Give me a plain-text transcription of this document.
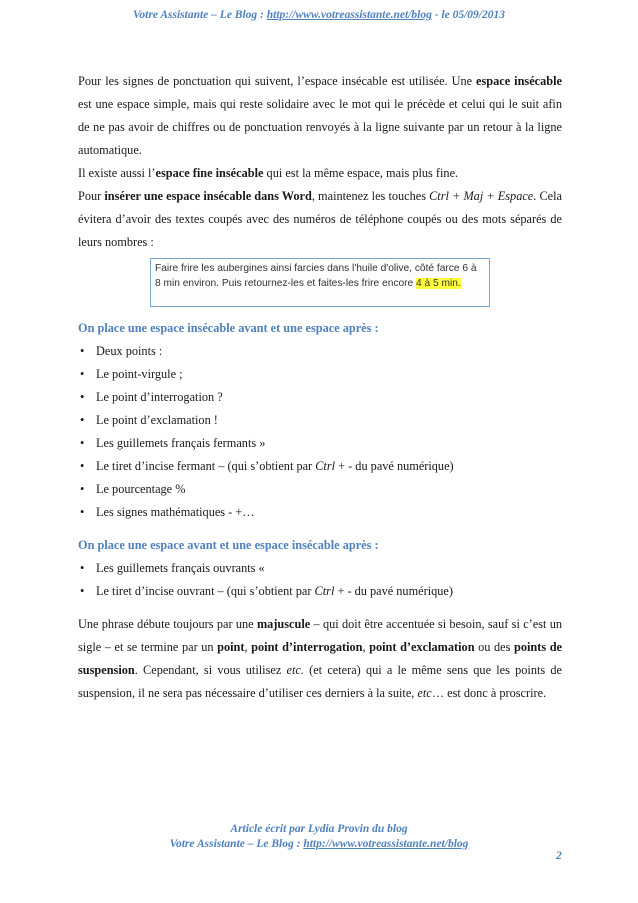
Votre Assistante – Le Blog : http://www.votreassistante.net/blog - le 05/09/2013

Pour les signes de ponctuation qui suivent, l’espace insécable est utilisée. Une espace insécable est une espace simple, mais qui reste solidaire avec le mot qui le précède et celui qui le suit afin de ne pas avoir de chiffres ou de ponctuation renvoyés à la ligne suivante par un retour à la ligne automatique.

Il existe aussi l’espace fine insécable qui est la même espace, mais plus fine.

Pour insérer une espace insécable dans Word, maintenez les touches Ctrl + Maj + Espace. Cela évitera d’avoir des textes coupés avec des numéros de téléphone coupés ou des mots séparés de leurs nombres :

Faire frire les aubergines ainsi farcies dans l'huile d'olive, côté farce 6 à 8 min environ. Puis retournez-les et faites-les frire encore 4 à 5 min.

On place une espace insécable avant et une espace après :

• Deux points :
• Le point-virgule ;
• Le point d’interrogation ?
• Le point d’exclamation !
• Les guillemets français fermants »
• Le tiret d’incise fermant – (qui s’obtient par Ctrl + - du pavé numérique)
• Le pourcentage %
• Les signes mathématiques - +…

On place une espace avant et une espace insécable après :

• Les guillemets français ouvrants «
• Le tiret d’incise ouvrant – (qui s’obtient par Ctrl + - du pavé numérique)

Une phrase débute toujours par une majuscule – qui doit être accentuée si besoin, sauf si c’est un sigle – et se termine par un point, point d’interrogation, point d’exclamation ou des points de suspension. Cependant, si vous utilisez etc. (et cetera) qui a le même sens que les points de suspension, il ne sera pas nécessaire d’utiliser ces derniers à la suite, etc… est donc à proscrire.

Article écrit par Lydia Provin du blog
Votre Assistante – Le Blog : http://www.votreassistante.net/blog
2
